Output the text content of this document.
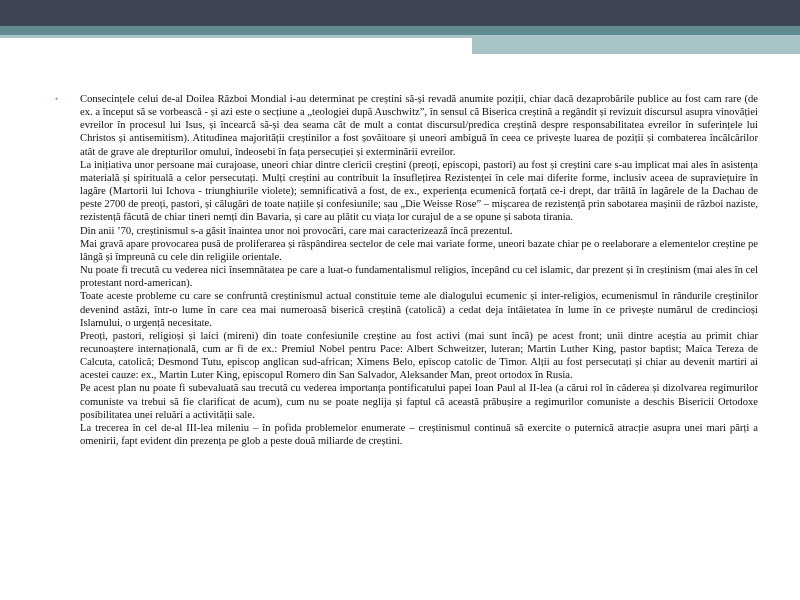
• Consecințele celui de-al Doilea Război Mondial i-au determinat pe creștini să-și revadă anumite poziții, chiar dacă dezaprobările publice au fost cam rare (de ex. a început să se vorbească - și azi este o secțiune a „teologiei după Auschwitz”, în sensul că Biserica creștină a regândit și revizuit discursul asupra vinovăției evreilor în procesul lui Isus, și încearcă să-și dea seama cât de mult a contat discursul/predica creștină despre responsabilitatea evreilor în suferințele lui Christos și antisemitism). Atitudinea majorității creștinilor a fost șovăitoare și uneori ambiguă în ceea ce privește luarea de poziții și combaterea încălcărilor atât de grave ale drepturilor omului, îndeosebi în fața persecuției și exterminării evreilor.

La inițiativa unor persoane mai curajoase, uneori chiar dintre clericii creștini (preoți, episcopi, pastori) au fost și creștini care s-au implicat mai ales în asistența materială și spirituală a celor persecutați. Mulți creștini au contribuit la însuflețirea Rezistenței în cele mai diferite forme, inclusiv aceea de supraviețuire în lagăre (Martorii lui Ichova - triunghiurile violete); semnificativă a fost, de ex., experiența ecumenică forțată ce-i drept, dar trăită în lagărele de la Dachau de peste 2700 de preoți, pastori, și călugări de toate națiile și confesiunile; sau „Die Weisse Rose” – mișcarea de rezistență prin sabotarea mașinii de război naziste, rezistență făcută de chiar tineri nemți din Bavaria, și care au plătit cu viața lor curajul de a se opune și sabota tirania.

Din anii ’70, creștinismul s-a găsit înaintea unor noi provocări, care mai caracterizează încă prezentul.

Mai gravă apare provocarea pusă de proliferarea și răspândirea sectelor de cele mai variate forme, uneori bazate chiar pe o reelaborare a elementelor creștine pe lângă și împreună cu cele din religiile orientale.

Nu poate fi trecută cu vederea nici însemnătatea pe care a luat-o fundamentalismul religios, începând cu cel islamic, dar prezent și în creștinism (mai ales în cel protestant nord-american).

Toate aceste probleme cu care se confruntă creștinismul actual constituie teme ale dialogului ecumenic și inter-religios, ecumenismul în rândurile creștinilor devenind astăzi, într-o lume în care cea mai numeroasă biserică creștină (catolică) a cedat deja întâietatea în lume în ce privește numărul de credincioși Islamului, o urgență necesitate.

Preoți, pastori, religioși și laici (mireni) din toate confesiunile creștine au fost activi (mai sunt încă) pe acest front; unii dintre aceștia au primit chiar recunoaștere internațională, cum ar fi de ex.: Premiul Nobel pentru Pace: Albert Schweitzer, luteran; Martin Luther King, pastor baptist; Maica Tereza de Calcuta, catolică; Desmond Tutu, episcop anglican sud-african; Ximens Belo, episcop catolic de Timor. Alții au fost persecutați și chiar au devenit martiri ai acestei cauze: ex., Martin Luter King, episcopul Romero din San Salvador, Aleksander Man, preot ortodox în Rusia.

Pe acest plan nu poate fi subevaluată sau trecută cu vederea importanța pontificatului papei Ioan Paul al II-lea (a cărui rol în căderea și dizolvarea regimurilor comuniste va trebui să fie clarificat de acum), cum nu se poate neglija și faptul că această prăbușire a regimurilor comuniste a deschis Bisericii Ortodoxe posibilitatea unei reluări a activității sale.

La trecerea în cel de-al III-lea mileniu – în pofida problemelor enumerate – creștinismul continuă să exercite o puternică atracție asupra unei mari părți a omenirii, fapt evident din prezența pe glob a peste două miliarde de creștini.
